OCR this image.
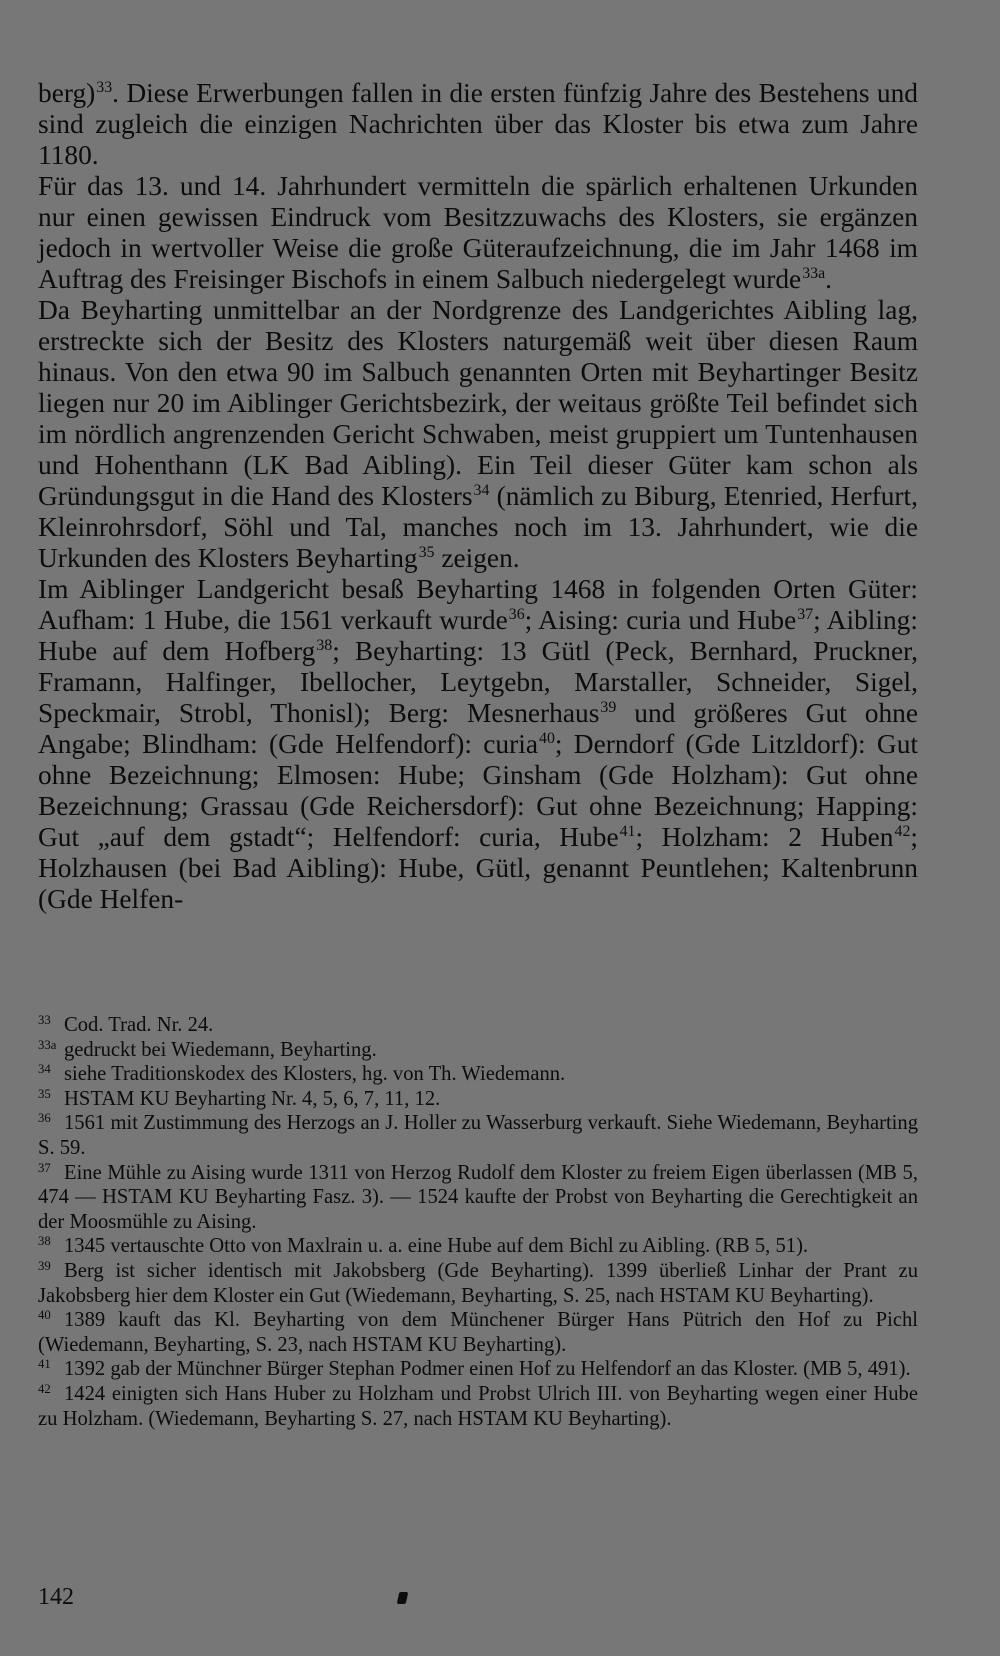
berg)$^{33}$. Diese Erwerbungen fallen in die ersten fünfzig Jahre des Bestehens und sind zugleich die einzigen Nachrichten über das Kloster bis etwa zum Jahre 1180.

Für das 13. und 14. Jahrhundert vermitteln die spärlich erhaltenen Urkunden nur einen gewissen Eindruck vom Besitzzuwachs des Klosters, sie ergänzen jedoch in wertvoller Weise die große Güteraufzeichnung, die im Jahr 1468 im Auftrag des Freisinger Bischofs in einem Salbuch niedergelegt wurde$^{33a}$.

Da Beyharting unmittelbar an der Nordgrenze des Landgerichtes Aibling lag, erstreckte sich der Besitz des Klosters naturgemäß weit über diesen Raum hinaus. Von den etwa 90 im Salbuch genannten Orten mit Beyhartinger Besitz liegen nur 20 im Aiblinger Gerichtsbezirk, der weitaus größte Teil befindet sich im nördlich angrenzenden Gericht Schwaben, meist gruppiert um Tuntenhausen und Hohenthann (LK Bad Aibling). Ein Teil dieser Güter kam schon als Gründungsgut in die Hand des Klosters$^{34}$ (nämlich zu Biburg, Etenried, Herfurt, Kleinrohrsdorf, Söhl und Tal, manches noch im 13. Jahrhundert, wie die Urkunden des Klosters Beyharting$^{35}$ zeigen.

Im Aiblinger Landgericht besaß Beyharting 1468 in folgenden Orten Güter: Aufham: 1 Hube, die 1561 verkauft wurde$^{36}$; Aising: curia und Hube$^{37}$; Aibling: Hube auf dem Hofberg$^{38}$; Beyharting: 13 Gütl (Peck, Bernhard, Pruckner, Framann, Halfinger, Ibellocher, Leytgebn, Marstaller, Schneider, Sigel, Speckmair, Strobl, Thonisl); Berg: Mesnerhaus$^{39}$ und größeres Gut ohne Angabe; Blindham: (Gde Helfendorf): curia$^{40}$; Derndorf (Gde Litzldorf): Gut ohne Bezeichnung; Elmosen: Hube; Ginsham (Gde Holzham): Gut ohne Bezeichnung; Grassau (Gde Reichersdorf): Gut ohne Bezeichnung; Happing: Gut „auf dem gstadt“; Helfendorf: curia, Hube$^{41}$; Holzham: 2 Huben$^{42}$; Holzhausen (bei Bad Aibling): Hube, Gütl, genannt Peuntlehen; Kaltenbrunn (Gde Helfen-

33 Cod. Trad. Nr. 24.

33a gedruckt bei Wiedemann, Beyharting.

34 siehe Traditionskodex des Klosters, hg. von Th. Wiedemann.

35 HSTAM KU Beyharting Nr. 4, 5, 6, 7, 11, 12.

36 1561 mit Zustimmung des Herzogs an J. Holler zu Wasserburg verkauft. Siehe Wiedemann, Beyharting S. 59.

37 Eine Mühle zu Aising wurde 1311 von Herzog Rudolf dem Kloster zu freiem Eigen überlassen (MB 5, 474 — HSTAM KU Beyharting Fasz. 3). — 1524 kaufte der Probst von Beyharting die Gerechtigkeit an der Moosmühle zu Aising.

38 1345 vertauschte Otto von Maxlrain u. a. eine Hube auf dem Bichl zu Aibling. (RB 5, 51).

39 Berg ist sicher identisch mit Jakobsberg (Gde Beyharting). 1399 überließ Linhar der Prant zu Jakobsberg hier dem Kloster ein Gut (Wiedemann, Beyharting, S. 25, nach HSTAM KU Beyharting).

40 1389 kauft das Kl. Beyharting von dem Münchener Bürger Hans Pütrich den Hof zu Pichl (Wiedemann, Beyharting, S. 23, nach HSTAM KU Beyharting).

41 1392 gab der Münchner Bürger Stephan Podmer einen Hof zu Helfendorf an das Kloster. (MB 5, 491).

42 1424 einigten sich Hans Huber zu Holzham und Probst Ulrich III. von Beyharting wegen einer Hube zu Holzham. (Wiedemann, Beyharting S. 27, nach HSTAM KU Beyharting).

142
